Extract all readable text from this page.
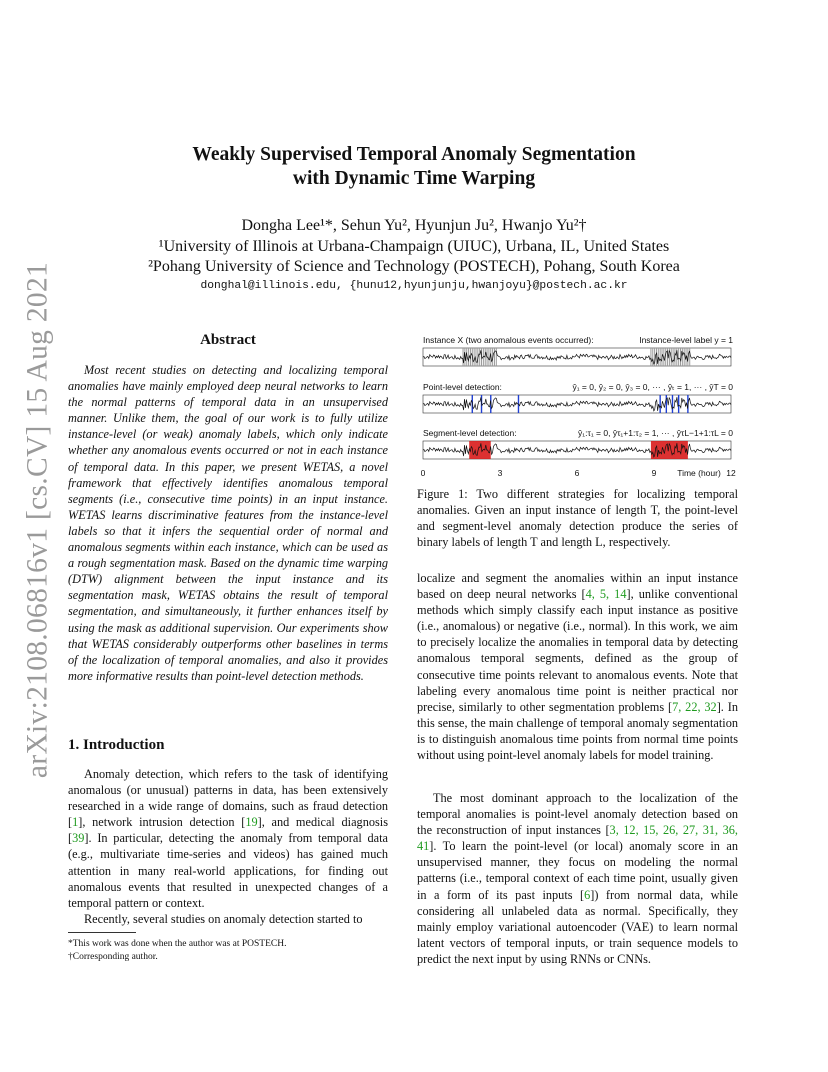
arXiv:2108.06816v1 [cs.CV] 15 Aug 2021
Weakly Supervised Temporal Anomaly Segmentation
with Dynamic Time Warping
Dongha Lee¹*, Sehun Yu², Hyunjun Ju², Hwanjo Yu²†
¹University of Illinois at Urbana-Champaign (UIUC), Urbana, IL, United States
²Pohang University of Science and Technology (POSTECH), Pohang, South Korea
donghal@illinois.edu, {hunu12,hyunjunju,hwanjoyu}@postech.ac.kr
Abstract
Most recent studies on detecting and localizing temporal anomalies have mainly employed deep neural networks to learn the normal patterns of temporal data in an unsupervised manner. Unlike them, the goal of our work is to fully utilize instance-level (or weak) anomaly labels, which only indicate whether any anomalous events occurred or not in each instance of temporal data. In this paper, we present WETAS, a novel framework that effectively identifies anomalous temporal segments (i.e., consecutive time points) in an input instance. WETAS learns discriminative features from the instance-level labels so that it infers the sequential order of normal and anomalous segments within each instance, which can be used as a rough segmentation mask. Based on the dynamic time warping (DTW) alignment between the input instance and its segmentation mask, WETAS obtains the result of temporal segmentation, and simultaneously, it further enhances itself by using the mask as additional supervision. Our experiments show that WETAS considerably outperforms other baselines in terms of the localization of temporal anomalies, and also it provides more informative results than point-level detection methods.
1. Introduction

Anomaly detection, which refers to the task of identifying anomalous (or unusual) patterns in data, has been extensively researched in a wide range of domains, such as fraud detection [1], network intrusion detection [19], and medical diagnosis [39]. In particular, detecting the anomaly from temporal data (e.g., multivariate time-series and videos) has gained much attention in many real-world applications, for finding out anomalous events that resulted in unexpected changes of a temporal pattern or context.

Recently, several studies on anomaly detection started to

*This work was done when the author was at POSTECH.
†Corresponding author.
Instance X (two anomalous events occurred):	Instance-level label y = 1
Point-level detection:	ŷ₁ = 0, ŷ₂ = 0, ŷ₃ = 0, ··· , ŷₜ = 1, ··· , ŷT = 0
Segment-level detection:	ŷ₁:τ₁ = 0, ŷτ₁+1:τ₂ = 1, ··· , ŷτL−1+1:τL = 0
0	3	6	9	12
Time (hour)
Figure 1: Two different strategies for localizing temporal anomalies. Given an input instance of length T, the point-level and segment-level anomaly detection produce the series of binary labels of length T and length L, respectively.

localize and segment the anomalies within an input instance based on deep neural networks [4, 5, 14], unlike conventional methods which simply classify each input instance as positive (i.e., anomalous) or negative (i.e., normal). In this work, we aim to precisely localize the anomalies in temporal data by detecting anomalous temporal segments, defined as the group of consecutive time points relevant to anomalous events. Note that labeling every anomalous time point is neither practical nor precise, similarly to other segmentation problems [7, 22, 32]. In this sense, the main challenge of temporal anomaly segmentation is to distinguish anomalous time points from normal time points without using point-level anomaly labels for model training.

The most dominant approach to the localization of the temporal anomalies is point-level anomaly detection based on the reconstruction of input instances [3, 12, 15, 26, 27, 31, 36, 41]. To learn the point-level (or local) anomaly score in an unsupervised manner, they focus on modeling the normal patterns (i.e., temporal context of each time point, usually given in a form of its past inputs [6]) from normal data, while considering all unlabeled data as normal. Specifically, they mainly employ variational autoencoder (VAE) to learn normal latent vectors of temporal inputs, or train sequence models to predict the next input by using RNNs or CNNs.
